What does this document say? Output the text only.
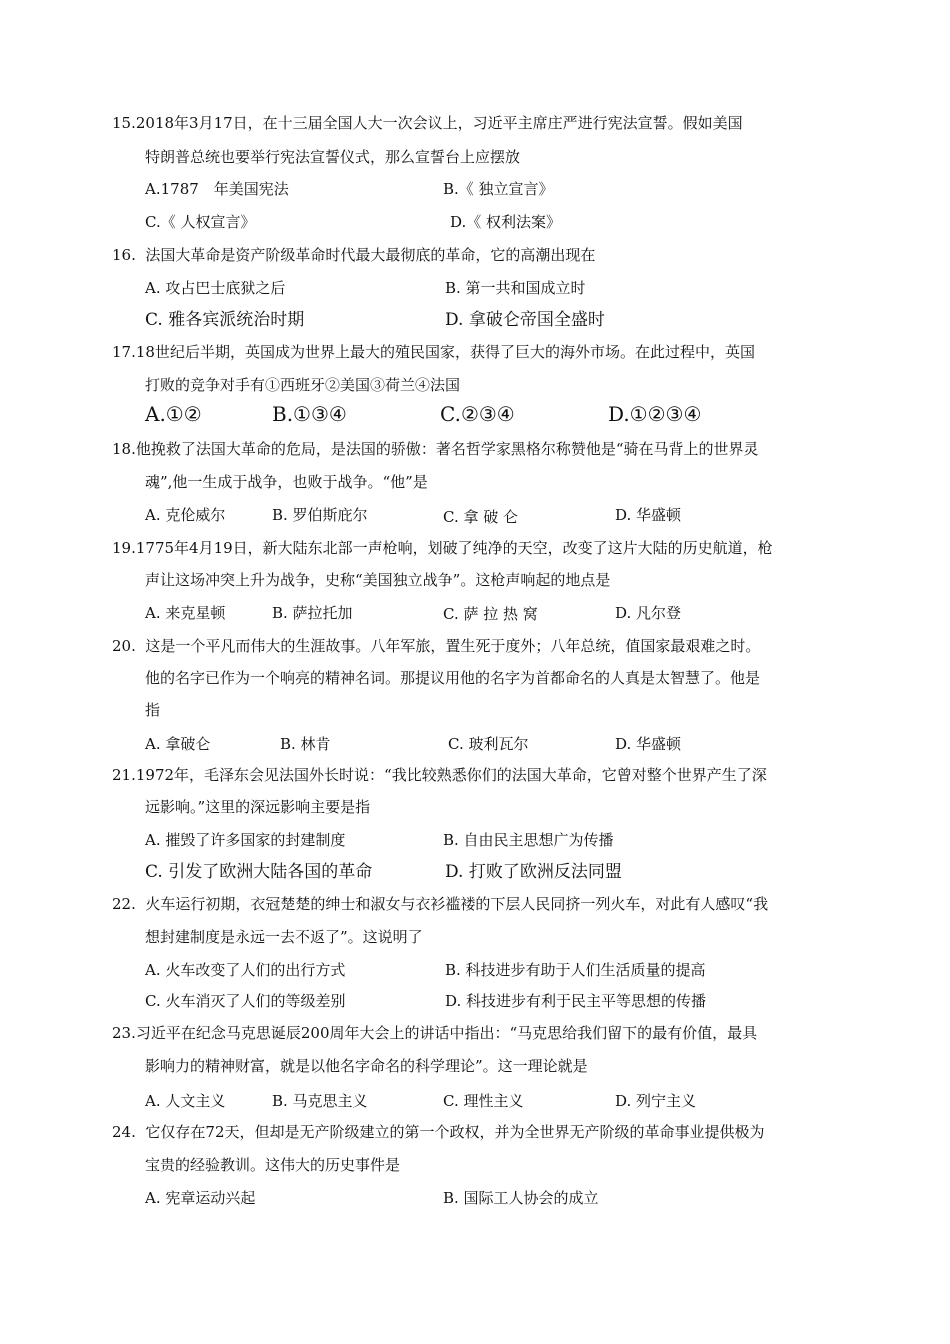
15.2018年3月17日，在十三届全国人大一次会议上，习近平主席庄严进行宪法宣誓。假如美国
特朗普总统也要举行宪法宣誓仪式，那么宣誓台上应摆放
A.1787　年美国宪法	B.《 独立宣言》
C.《 人权宣言》	D.《 权利法案》
16. 法国大革命是资产阶级革命时代最大最彻底的革命，它的高潮出现在
A. 攻占巴士底狱之后	B. 第一共和国成立时
C. 雅各宾派统治时期	D. 拿破仑帝国全盛时
17.18世纪后半期，英国成为世界上最大的殖民国家，获得了巨大的海外市场。在此过程中，英国
打败的竞争对手有①西班牙②美国③荷兰④法国
A.①②	B.①③④	C.②③④	D.①②③④
18.他挽救了法国大革命的危局，是法国的骄傲：著名哲学家黑格尔称赞他是“骑在马背上的世界灵
魂”,他一生成于战争，也败于战争。“他”是
A. 克伦威尔	B. 罗伯斯庇尔	C. 拿 破 仑	D. 华盛顿
19.1775年4月19日，新大陆东北部一声枪响，划破了纯净的天空，改变了这片大陆的历史航道，枪
声让这场冲突上升为战争，史称“美国独立战争”。这枪声响起的地点是
A. 来克星顿	B. 萨拉托加	C. 萨 拉 热 窝	D. 凡尔登
20. 这是一个平凡而伟大的生涯故事。八年军旅，置生死于度外；八年总统，值国家最艰难之时。
他的名字已作为一个响亮的精神名词。那提议用他的名字为首都命名的人真是太智慧了。他是
指
A. 拿破仑	B. 林肯	C. 玻利瓦尔	D. 华盛顿
21.1972年，毛泽东会见法国外长时说：“我比较熟悉你们的法国大革命，它曾对整个世界产生了深
远影响。”这里的深远影响主要是指
A. 摧毁了许多国家的封建制度	B. 自由民主思想广为传播
C. 引发了欧洲大陆各国的革命	D. 打败了欧洲反法同盟
22. 火车运行初期，衣冠楚楚的绅士和淑女与衣衫褴褛的下层人民同挤一列火车，对此有人感叹“我
想封建制度是永远一去不返了”。这说明了
A. 火车改变了人们的出行方式	B. 科技进步有助于人们生活质量的提高
C. 火车消灭了人们的等级差别	D. 科技进步有利于民主平等思想的传播
23.习近平在纪念马克思诞辰200周年大会上的讲话中指出：“马克思给我们留下的最有价值，最具
影响力的精神财富，就是以他名字命名的科学理论”。这一理论就是
A. 人文主义	B. 马克思主义	C. 理性主义	D. 列宁主义
24. 它仅存在72天，但却是无产阶级建立的第一个政权，并为全世界无产阶级的革命事业提供极为
宝贵的经验教训。这伟大的历史事件是
A. 宪章运动兴起	B. 国际工人协会的成立
